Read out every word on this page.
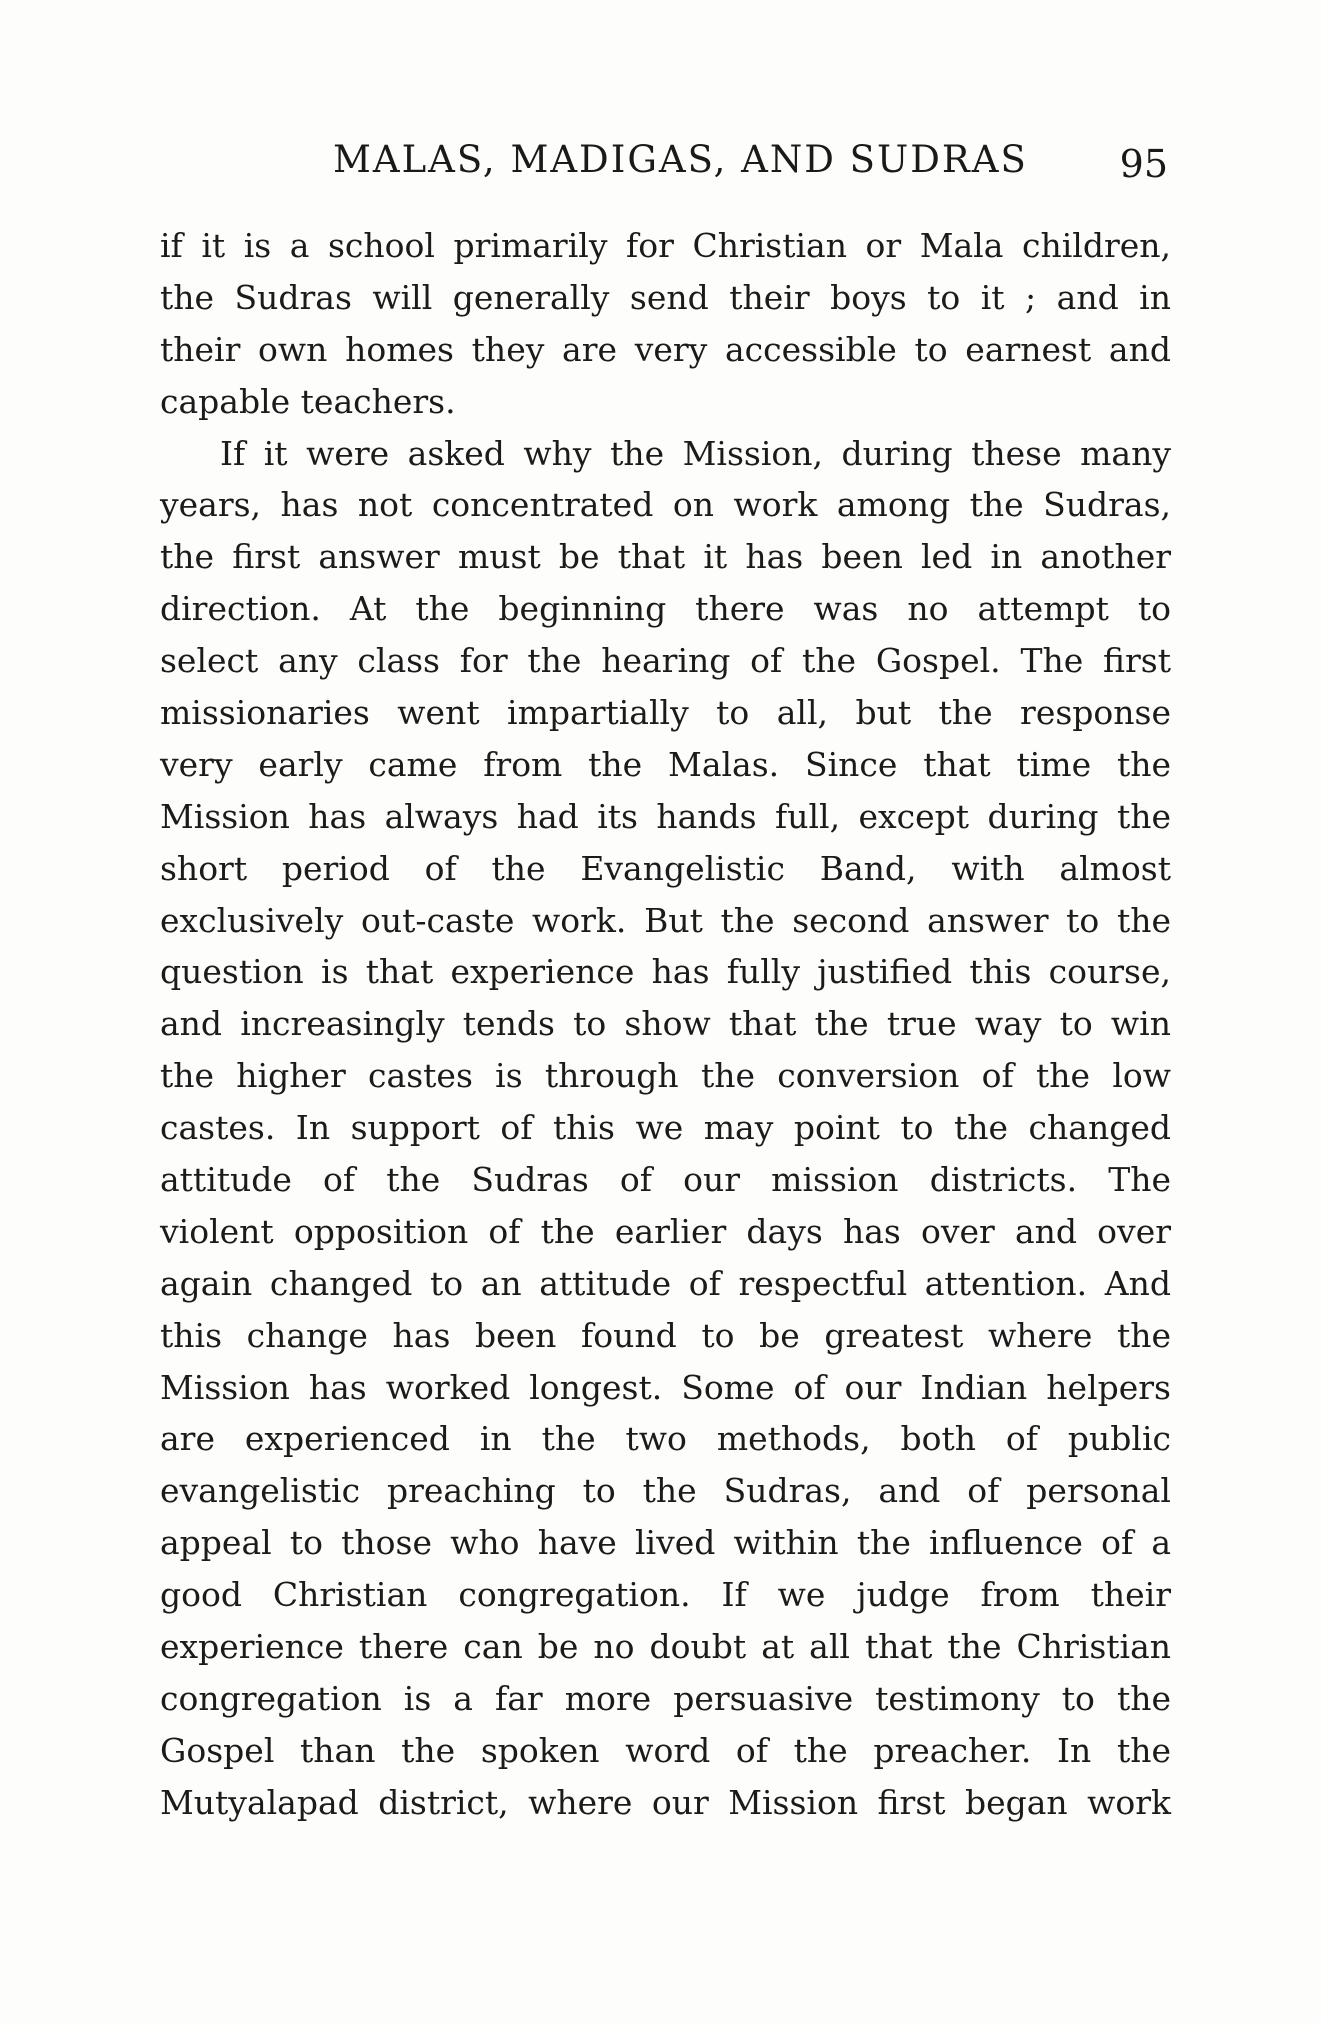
MALAS, MADIGAS, AND SUDRAS 95
if it is a school primarily for Christian or Mala children,
the Sudras will generally send their boys to it ; and in
their own homes they are very accessible to earnest and
capable teachers.
If it were asked why the Mission, during these many
years, has not concentrated on work among the Sudras,
the first answer must be that it has been led in another
direction. At the beginning there was no attempt to
select any class for the hearing of the Gospel. The first
missionaries went impartially to all, but the response
very early came from the Malas. Since that time the
Mission has always had its hands full, except during the
short period of the Evangelistic Band, with almost
exclusively out-caste work. But the second answer to the
question is that experience has fully justified this course,
and increasingly tends to show that the true way to win
the higher castes is through the conversion of the low
castes. In support of this we may point to the changed
attitude of the Sudras of our mission districts. The
violent opposition of the earlier days has over and over
again changed to an attitude of respectful attention. And
this change has been found to be greatest where the
Mission has worked longest. Some of our Indian helpers
are experienced in the two methods, both of public
evangelistic preaching to the Sudras, and of personal
appeal to those who have lived within the influence of a
good Christian congregation. If we judge from their
experience there can be no doubt at all that the Christian
congregation is a far more persuasive testimony to the
Gospel than the spoken word of the preacher. In the
Mutyalapad district, where our Mission first began work
